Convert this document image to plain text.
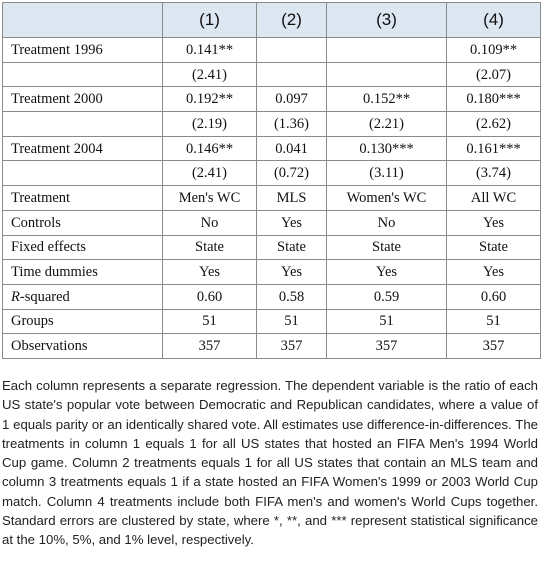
	(1)	(2)	(3)	(4)
Treatment 1996	0.141**			0.109**
	(2.41)			(2.07)
Treatment 2000	0.192**	0.097	0.152**	0.180***
	(2.19)	(1.36)	(2.21)	(2.62)
Treatment 2004	0.146**	0.041	0.130***	0.161***
	(2.41)	(0.72)	(3.11)	(3.74)
Treatment	Men's WC	MLS	Women's WC	All WC
Controls	No	Yes	No	Yes
Fixed effects	State	State	State	State
Time dummies	Yes	Yes	Yes	Yes
R-squared	0.60	0.58	0.59	0.60
Groups	51	51	51	51
Observations	357	357	357	357
Each column represents a separate regression. The dependent variable is the ratio of each US state's popular vote between Democratic and Republican candidates, where a value of 1 equals parity or an identically shared vote. All estimates use difference-in-differences. The treatments in column 1 equals 1 for all US states that hosted an FIFA Men's 1994 World Cup game. Column 2 treatments equals 1 for all US states that contain an MLS team and column 3 treatments equals 1 if a state hosted an FIFA Women's 1999 or 2003 World Cup match. Column 4 treatments include both FIFA men's and women's World Cups together. Standard errors are clustered by state, where *, **, and *** represent statistical significance at the 10%, 5%, and 1% level, respectively.
